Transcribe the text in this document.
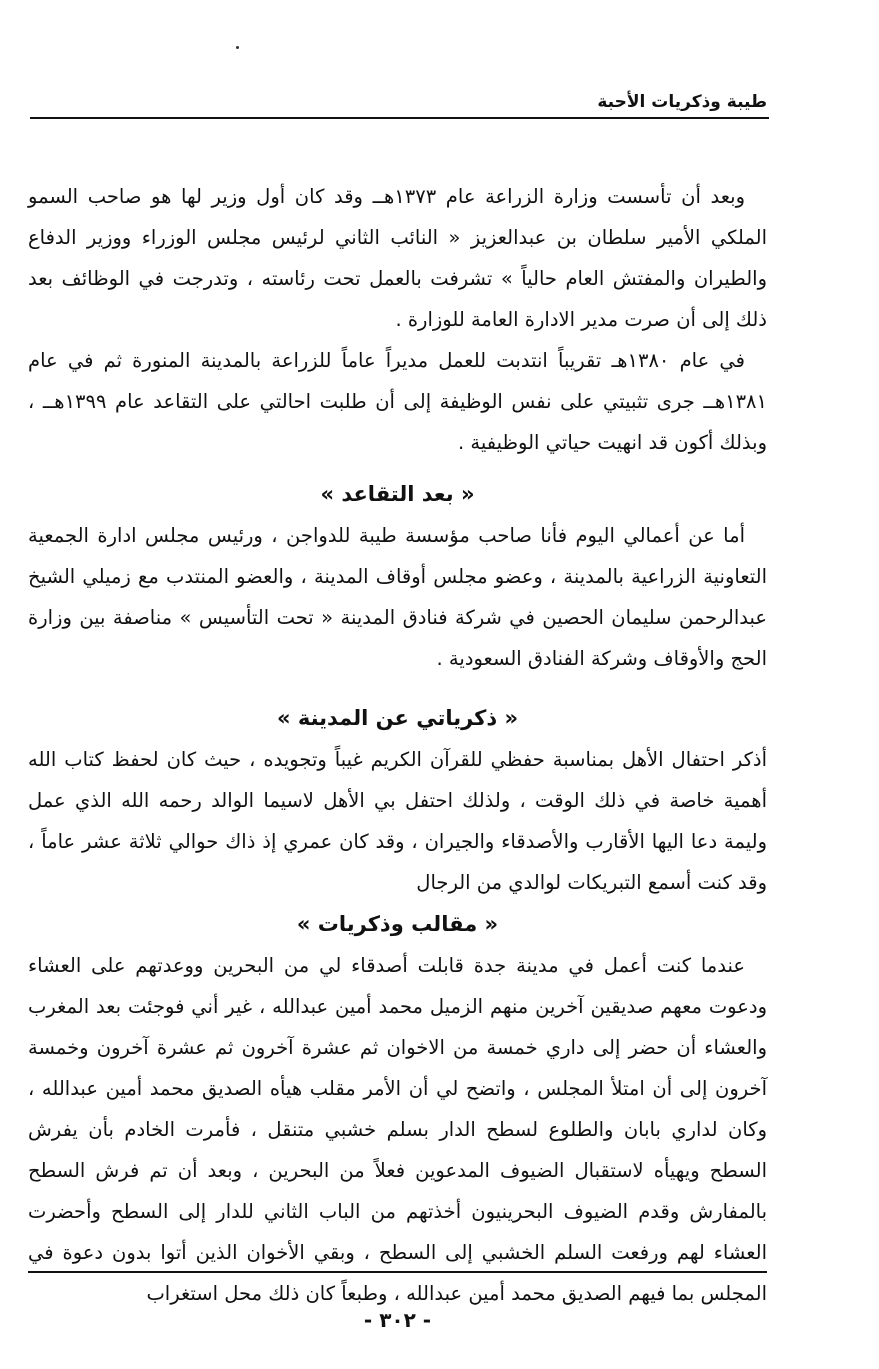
طيبة وذكريات الأحبة

وبعد أن تأسست وزارة الزراعة عام ١٣٧٣هــ وقد كان أول وزير لها هو صاحب السمو الملكي الأمير سلطان بن عبدالعزيز « النائب الثاني لرئيس مجلس الوزراء ووزير الدفاع والطيران والمفتش العام حالياً » تشرفت بالعمل تحت رئاسته ، وتدرجت في الوظائف بعد ذلك إلى أن صرت مدير الادارة العامة للوزارة .

في عام ١٣٨٠هـ تقريباً انتدبت للعمل مديراً عاماً للزراعة بالمدينة المنورة ثم في عام ١٣٨١هــ جرى تثبيتي على نفس الوظيفة إلى أن طلبت احالتي على التقاعد عام ١٣٩٩هــ ، وبذلك أكون قد انهيت حياتي الوظيفية .

« بعد التقاعد »

أما عن أعمالي اليوم فأنا صاحب مؤسسة طيبة للدواجن ، ورئيس مجلس ادارة الجمعية التعاونية الزراعية بالمدينة ، وعضو مجلس أوقاف المدينة ، والعضو المنتدب مع زميلي الشيخ عبدالرحمن سليمان الحصين في شركة فنادق المدينة « تحت التأسيس » مناصفة بين وزارة الحج والأوقاف وشركة الفنادق السعودية .

« ذكرياتي عن المدينة »

أذكر احتفال الأهل بمناسبة حفظي للقرآن الكريم غيباً وتجويده ، حيث كان لحفظ كتاب الله أهمية خاصة في ذلك الوقت ، ولذلك احتفل بي الأهل لاسيما الوالد رحمه الله الذي عمل وليمة دعا اليها الأقارب والأصدقاء والجيران ، وقد كان عمري إذ ذاك حوالي ثلاثة عشر عاماً ، وقد كنت أسمع التبريكات لوالدي من الرجال

« مقالب وذكريات »

عندما كنت أعمل في مدينة جدة قابلت أصدقاء لي من البحرين ووعدتهم على العشاء ودعوت معهم صديقين آخرين منهم الزميل محمد أمين عبدالله ، غير أني فوجئت بعد المغرب والعشاء أن حضر إلى داري خمسة من الاخوان ثم عشرة آخرون ثم عشرة آخرون وخمسة آخرون إلى أن امتلأ المجلس ، واتضح لي أن الأمر مقلب هيأه الصديق محمد أمين عبدالله ، وكان لداري بابان والطلوع لسطح الدار بسلم خشبي متنقل ، فأمرت الخادم بأن يفرش السطح ويهيأه لاستقبال الضيوف المدعوين فعلاً من البحرين ، وبعد أن تم فرش السطح بالمفارش وقدم الضيوف البحرينيون أخذتهم من الباب الثاني للدار إلى السطح وأحضرت العشاء لهم ورفعت السلم الخشبي إلى السطح ، وبقي الأخوان الذين أتوا بدون دعوة في المجلس بما فيهم الصديق محمد أمين عبدالله ، وطبعاً كان ذلك محل استغراب

- ٣٠٢ -
